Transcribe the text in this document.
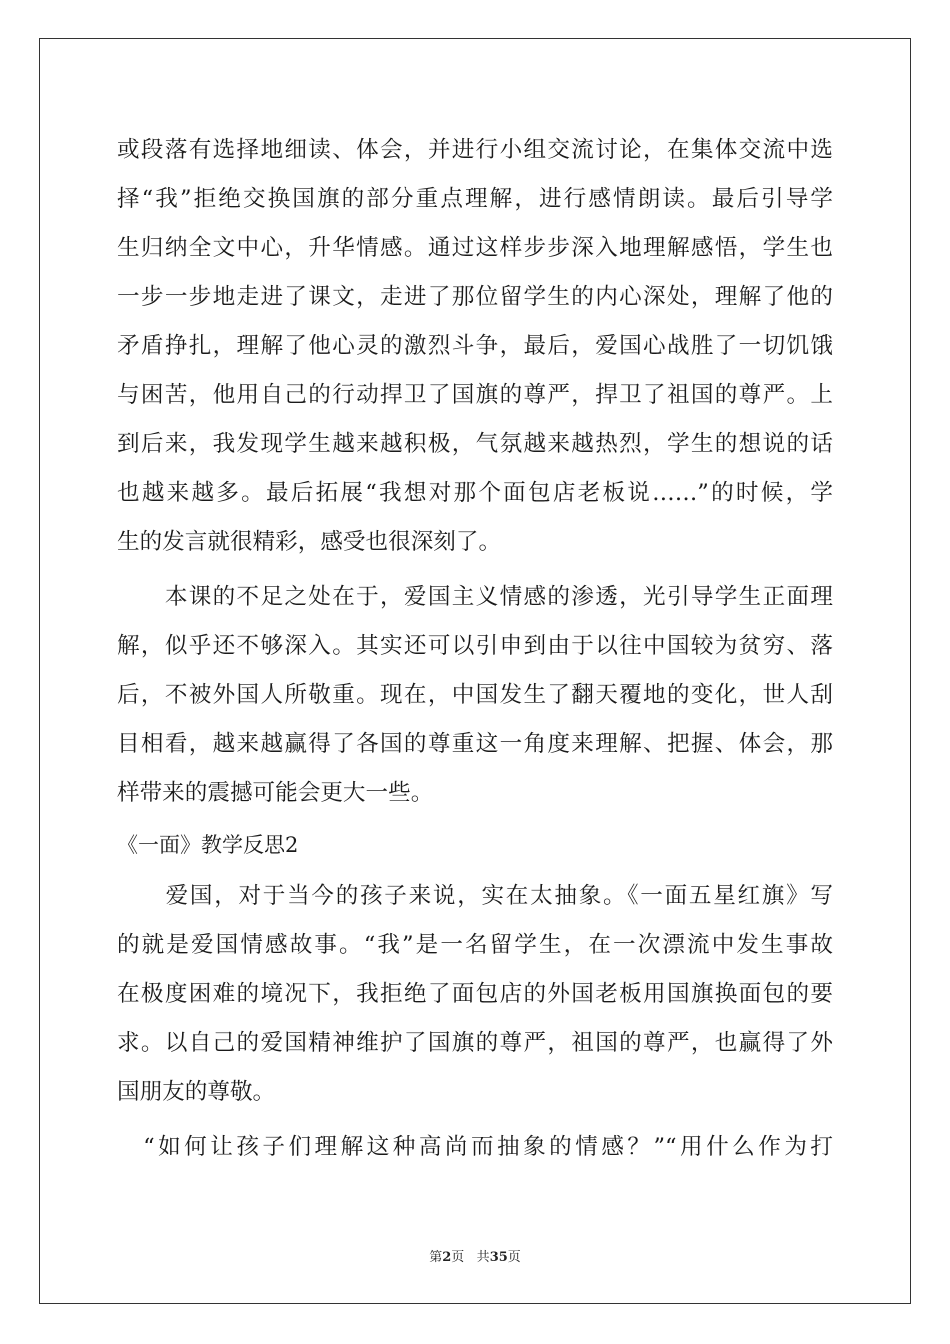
或段落有选择地细读、体会，并进行小组交流讨论，在集体交流中选
择“我”拒绝交换国旗的部分重点理解，进行感情朗读。最后引导学
生归纳全文中心，升华情感。通过这样步步深入地理解感悟，学生也
一步一步地走进了课文，走进了那位留学生的内心深处，理解了他的
矛盾挣扎，理解了他心灵的激烈斗争，最后，爱国心战胜了一切饥饿
与困苦，他用自己的行动捍卫了国旗的尊严，捍卫了祖国的尊严。上
到后来，我发现学生越来越积极，气氛越来越热烈，学生的想说的话
也越来越多。最后拓展“我想对那个面包店老板说……”的时候，学
生的发言就很精彩，感受也很深刻了。
　　本课的不足之处在于，爱国主义情感的渗透，光引导学生正面理
解，似乎还不够深入。其实还可以引申到由于以往中国较为贫穷、落
后，不被外国人所敬重。现在，中国发生了翻天覆地的变化，世人刮
目相看，越来越赢得了各国的尊重这一角度来理解、把握、体会，那
样带来的震撼可能会更大一些。
《一面》教学反思2
　　爱国，对于当今的孩子来说，实在太抽象。《一面五星红旗》写
的就是爱国情感故事。“我”是一名留学生，在一次漂流中发生事故
在极度困难的境况下，我拒绝了面包店的外国老板用国旗换面包的要
求。以自己的爱国精神维护了国旗的尊严，祖国的尊严，也赢得了外
国朋友的尊敬。
　“如何让孩子们理解这种高尚而抽象的情感？”“用什么作为打
第2页 共35页
